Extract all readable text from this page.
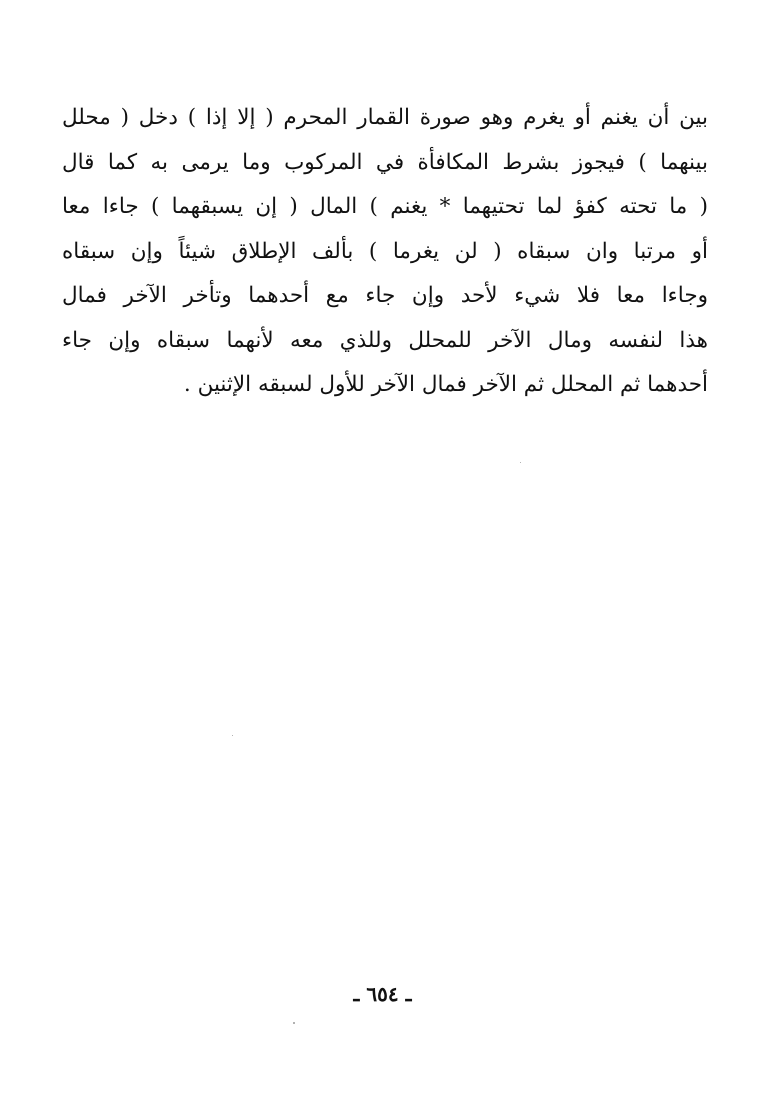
بين أن يغنم أو يغرم وهو صورة القمار المحرم ( إلا إذا ) دخل ( محلل
بينهما ) فيجوز بشرط المكافأة في المركوب وما يرمى به كما قال
( ما تحته كفؤ لما تحتيهما * يغنم ) المال ( إن يسبقهما ) جاءا معا
أو مرتبا وان سبقاه ( لن يغرما ) بألف الإطلاق شيئاً وإن سبقاه
وجاءا معا فلا شيء لأحد وإن جاء مع أحدهما وتأخر الآخر فمال
هذا لنفسه ومال الآخر للمحلل وللذي معه لأنهما سبقاه وإن جاء
أحدهما ثم المحلل ثم الآخر فمال الآخر للأول لسبقه الإثنين .
ـ ٦٥٤ ـ
